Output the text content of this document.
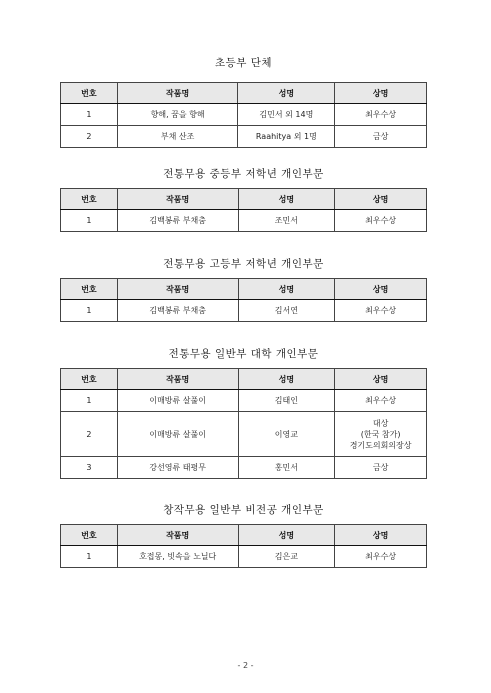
초등부 단체
번호	작품명	성명	상명
1	향해, 꿈을 향해	김민서 외 14명	최우수상
2	부채 산조	Raahitya 외 1명	금상
전통무용 중등부 저학년 개인부문
번호	작품명	성명	상명
1	김백봉류 부채춤	조민서	최우수상
전통무용 고등부 저학년 개인부문
번호	작품명	성명	상명
1	김백봉류 부채춤	김서연	최우수상
전통무용 일반부 대학 개인부문
번호	작품명	성명	상명
1	이매방류 살풀이	김태인	최우수상
2	이매방류 살풀이	이영교	대상
(한국 참가)
경기도의회의장상

3	강선영류 태평무	홍민서	금상
창작무용 일반부 비전공 개인부문
번호	작품명	성명	상명
1	호접몽, 빗속을 노닐다	김은교	최우수상
- 2 -
